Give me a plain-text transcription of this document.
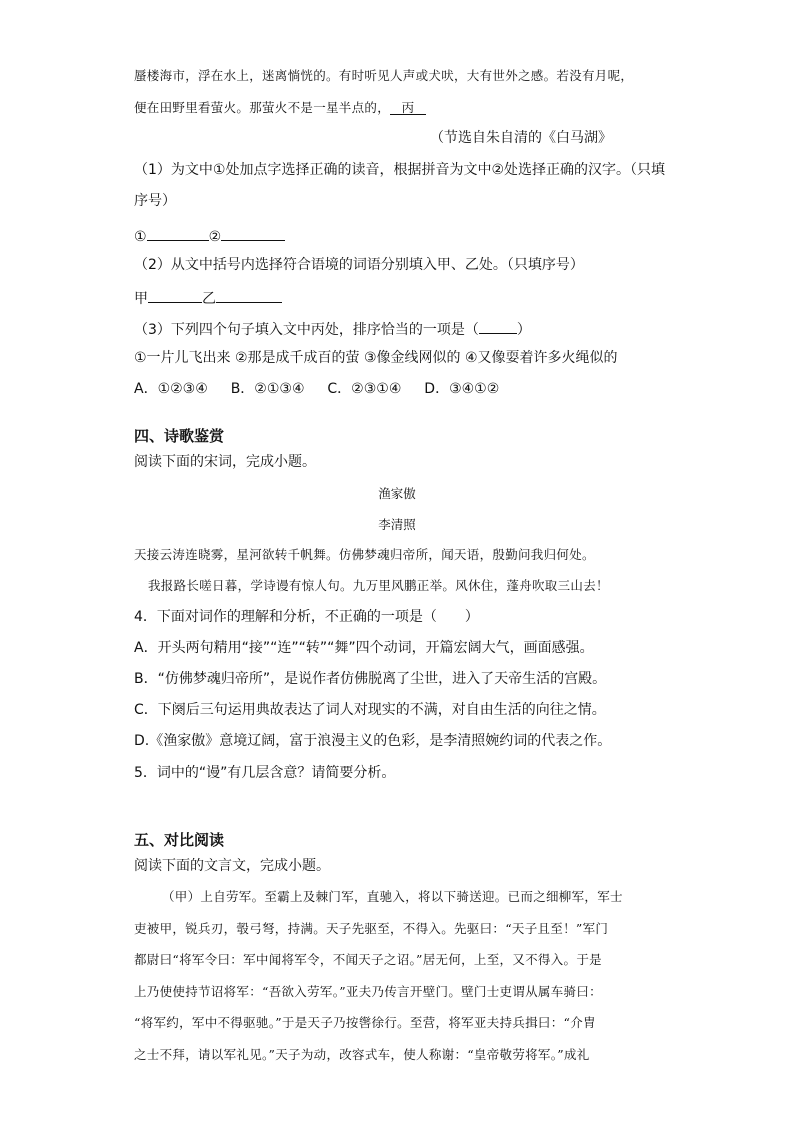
蜃楼海市，浮在水上，迷离惝恍的。有时听见人声或犬吠，大有世外之感。若没有月呢，
便在田野里看萤火。那萤火不是一星半点的， 丙
（节选自朱自清的《白马湖》
（1）为文中①处加点字选择正确的读音，根据拼音为文中②处选择正确的汉字。（只填
序号）
①	②
（2）从文中括号内选择符合语境的词语分别填入甲、乙处。（只填序号）
甲	乙
（3）下列四个句子填入文中丙处，排序恰当的一项是（	）
①一片儿飞出来 ②那是成千成百的萤 ③像金线网似的 ④又像耍着许多火绳似的
A．①②③④ B．②①③④ C．②③①④ D．③④①②
四、诗歌鉴赏
阅读下面的宋词，完成小题。
渔家傲
李清照
天接云涛连晓雾，星河欲转千帆舞。仿佛梦魂归帝所，闻天语，殷勤问我归何处。
我报路长嗟日暮，学诗谩有惊人句。九万里风鹏正举。风休住，蓬舟吹取三山去！
4．下面对词作的理解和分析，不正确的一项是（　　）
A．开头两句精用“接”“连”“转”“舞”四个动词，开篇宏阔大气，画面感强。
B．“仿佛梦魂归帝所”，是说作者仿佛脱离了尘世，进入了天帝生活的宫殿。
C．下阕后三句运用典故表达了词人对现实的不满，对自由生活的向往之情。
D.《渔家傲》意境辽阔，富于浪漫主义的色彩，是李清照婉约词的代表之作。
5．词中的“谩”有几层含意？请简要分析。
五、对比阅读
阅读下面的文言文，完成小题。
（甲）上自劳军。至霸上及棘门军，直驰入，将以下骑送迎。已而之细柳军，军士
吏被甲，锐兵刃，彀弓弩，持满。天子先驱至，不得入。先驱曰：“天子且至！”军门
都尉曰“将军令曰：军中闻将军令，不闻天子之诏。”居无何，上至，又不得入。于是
上乃使使持节诏将军：“吾欲入劳军。”亚夫乃传言开壁门。壁门士吏谓从属车骑曰：
“将军约，军中不得驱驰。”于是天子乃按辔徐行。至营，将军亚夫持兵揖曰：“介胄
之士不拜，请以军礼见。”天子为动，改容式车，使人称谢：“皇帝敬劳将军。”成礼
